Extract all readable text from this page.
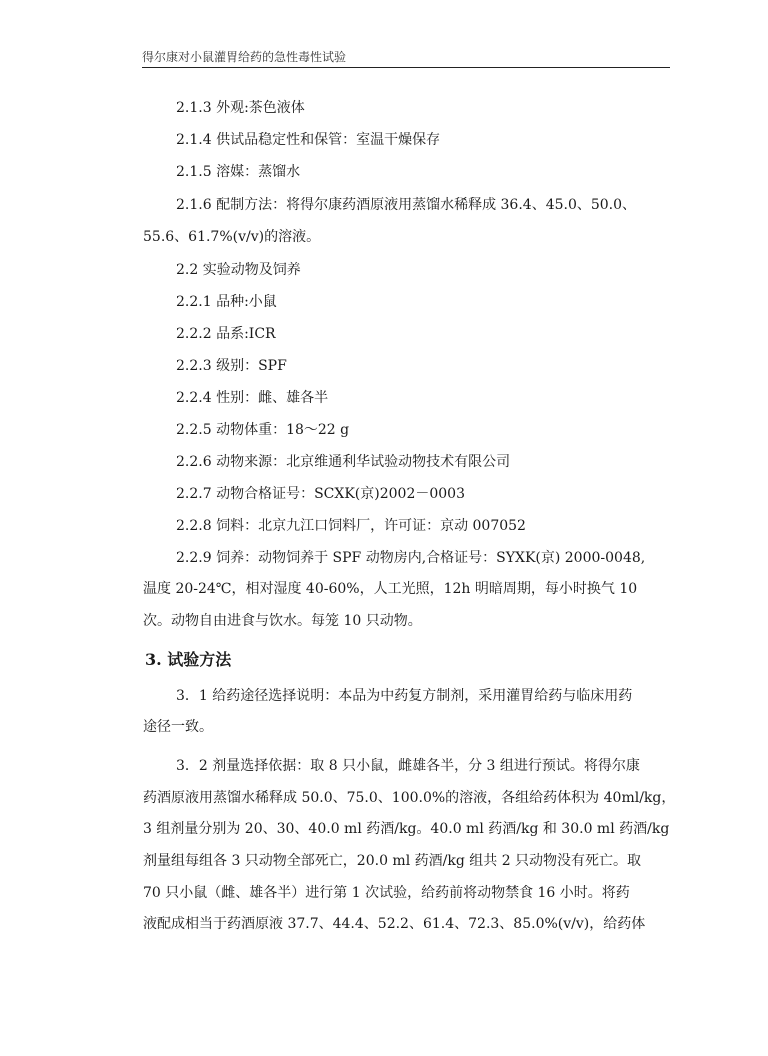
得尔康对小鼠灌胃给药的急性毒性试验
2.1.3 外观:茶色液体
2.1.4 供试品稳定性和保管：室温干燥保存
2.1.5 溶媒：蒸馏水
2.1.6 配制方法：将得尔康药酒原液用蒸馏水稀释成 36.4、45.0、50.0、
55.6、61.7%(v/v)的溶液。
2.2 实验动物及饲养
2.2.1 品种:小鼠
2.2.2 品系:ICR
2.2.3 级别：SPF
2.2.4 性别：雌、雄各半
2.2.5 动物体重：18～22 g
2.2.6 动物来源：北京维通利华试验动物技术有限公司
2.2.7 动物合格证号：SCXK(京)2002－0003
2.2.8 饲料：北京九江口饲料厂，许可证：京动 007052
2.2.9 饲养：动物饲养于 SPF 动物房内,合格证号：SYXK(京) 2000-0048,
温度 20-24℃，相对湿度 40-60%，人工光照，12h 明暗周期，每小时换气 10
次。动物自由进食与饮水。每笼 10 只动物。
3. 试验方法
3．1 给药途径选择说明：本品为中药复方制剂，采用灌胃给药与临床用药
途径一致。
3．2 剂量选择依据：取 8 只小鼠，雌雄各半，分 3 组进行预试。将得尔康
药酒原液用蒸馏水稀释成 50.0、75.0、100.0%的溶液，各组给药体积为 40ml/kg，
3 组剂量分别为 20、30、40.0 ml 药酒/kg。40.0 ml 药酒/kg 和 30.0 ml 药酒/kg
剂量组每组各 3 只动物全部死亡，20.0 ml 药酒/kg 组共 2 只动物没有死亡。取
70 只小鼠（雌、雄各半）进行第 1 次试验，给药前将动物禁食 16 小时。将药
液配成相当于药酒原液 37.7、44.4、52.2、61.4、72.3、85.0%(v/v)，给药体
